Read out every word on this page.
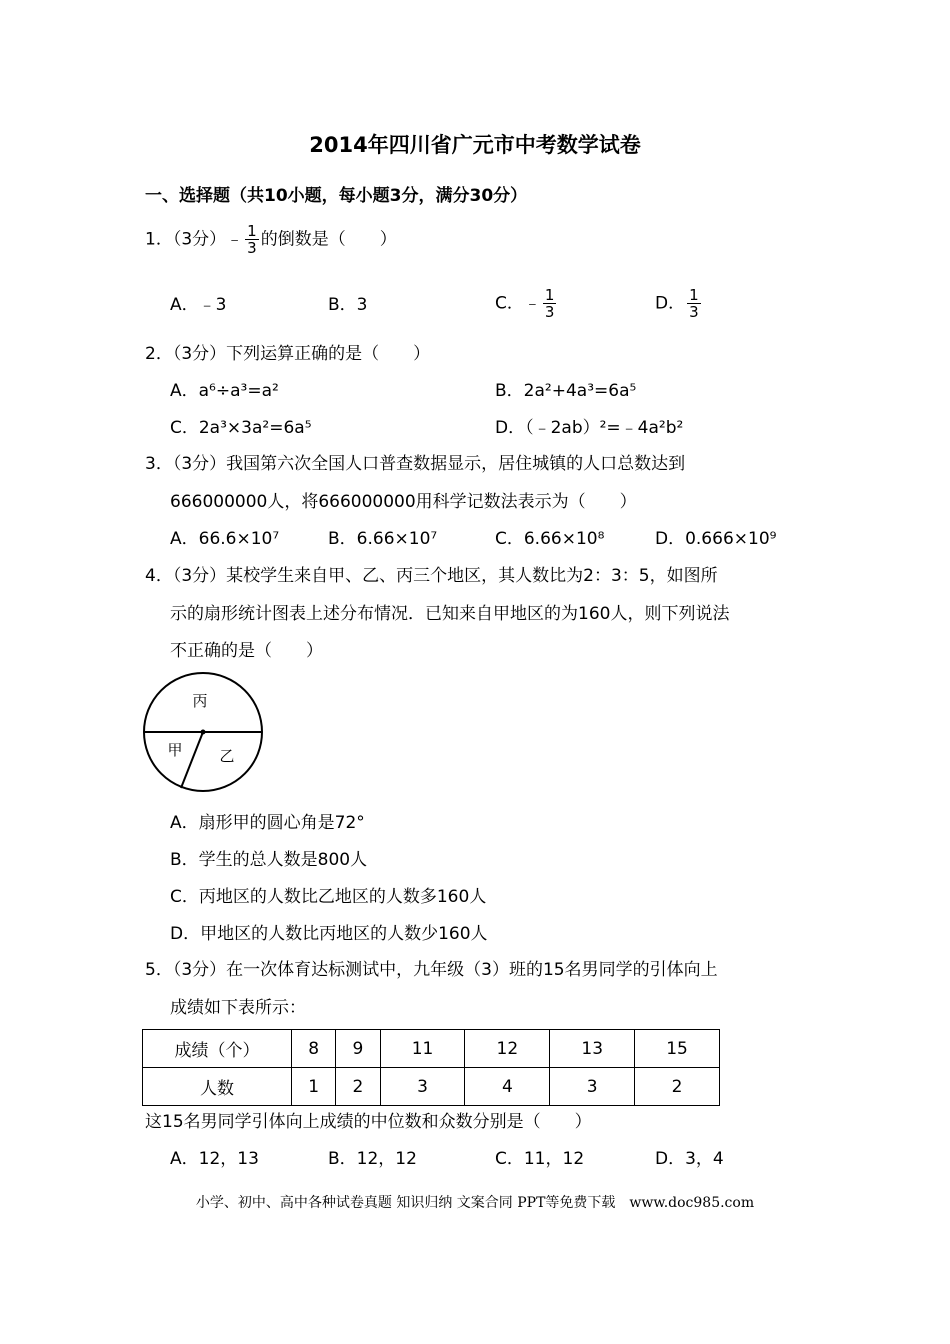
2014年四川省广元市中考数学试卷
一、选择题（共10小题，每小题3分，满分30分）
1．（3分）﹣ $\frac{1}{3}$ 的倒数是（　　）
A．﹣3	B．3	C．﹣ $\frac{1}{3}$	D． $\frac{1}{3}$
2．（3分）下列运算正确的是（　　）
A．a⁶÷a³=a²	B．2a²+4a³=6a⁵
C．2a³×3a²=6a⁵	D．（﹣2ab）²=﹣4a²b²
3．（3分）我国第六次全国人口普查数据显示，居住城镇的人口总数达到
666000000人，将666000000用科学记数法表示为（　　）
A．66.6×10⁷	B．6.66×10⁷	C．6.66×10⁸	D．0.666×10⁹
4．（3分）某校学生来自甲、乙、丙三个地区，其人数比为2：3：5，如图所
示的扇形统计图表上述分布情况．已知来自甲地区的为160人，则下列说法
不正确的是（　　）
丙
甲 乙
A．扇形甲的圆心角是72°
B．学生的总人数是800人
C．丙地区的人数比乙地区的人数多160人
D．甲地区的人数比丙地区的人数少160人
5．（3分）在一次体育达标测试中，九年级（3）班的15名男同学的引体向上
成绩如下表所示：
成绩（个）	8	9	11	12	13	15
人数	1	2	3	4	3	2
这15名男同学引体向上成绩的中位数和众数分别是（　　）
A．12，13	B．12，12	C．11，12	D．3，4
小学、初中、高中各种试卷真题 知识归纳 文案合同 PPT等免费下载　www.doc985.com
